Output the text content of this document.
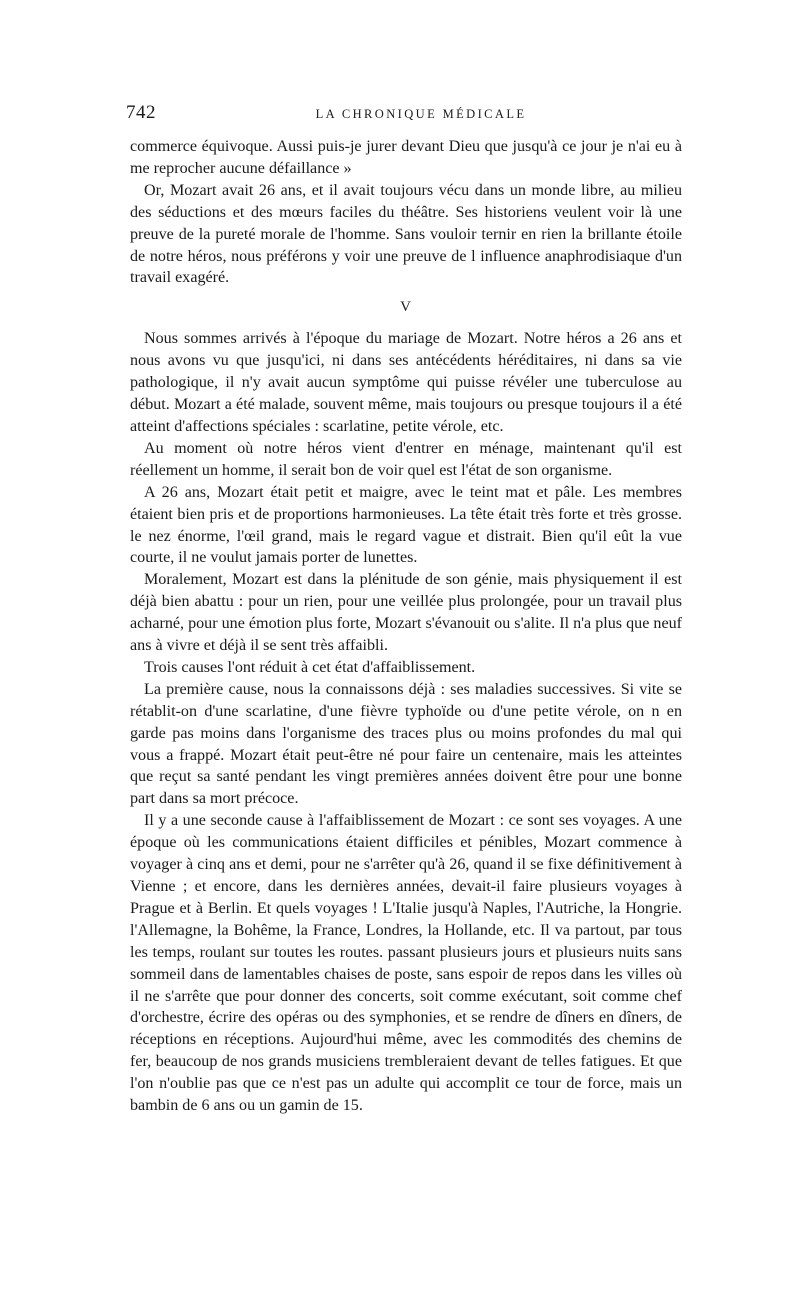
742	LA CHRONIQUE MÉDICALE

commerce équivoque. Aussi puis-je jurer devant Dieu que jusqu'à ce jour je n'ai eu à me reprocher aucune défaillance »

Or, Mozart avait 26 ans, et il avait toujours vécu dans un monde libre, au milieu des séductions et des mœurs faciles du théâtre. Ses historiens veulent voir là une preuve de la pureté morale de l'homme. Sans vouloir ternir en rien la brillante étoile de notre héros, nous préférons y voir une preuve de l influence anaphrodisiaque d'un travail exagéré.

V

Nous sommes arrivés à l'époque du mariage de Mozart. Notre héros a 26 ans et nous avons vu que jusqu'ici, ni dans ses antécédents héréditaires, ni dans sa vie pathologique, il n'y avait aucun symptôme qui puisse révéler une tuberculose au début. Mozart a été malade, souvent même, mais toujours ou presque toujours il a été atteint d'affections spéciales : scarlatine, petite vérole, etc.

Au moment où notre héros vient d'entrer en ménage, maintenant qu'il est réellement un homme, il serait bon de voir quel est l'état de son organisme.

A 26 ans, Mozart était petit et maigre, avec le teint mat et pâle. Les membres étaient bien pris et de proportions harmonieuses. La tête était très forte et très grosse. le nez énorme, l'œil grand, mais le regard vague et distrait. Bien qu'il eût la vue courte, il ne voulut jamais porter de lunettes.

Moralement, Mozart est dans la plénitude de son génie, mais physiquement il est déjà bien abattu : pour un rien, pour une veillée plus prolongée, pour un travail plus acharné, pour une émotion plus forte, Mozart s'évanouit ou s'alite. Il n'a plus que neuf ans à vivre et déjà il se sent très affaibli.

Trois causes l'ont réduit à cet état d'affaiblissement.

La première cause, nous la connaissons déjà : ses maladies successives. Si vite se rétablit-on d'une scarlatine, d'une fièvre typhoïde ou d'une petite vérole, on n en garde pas moins dans l'organisme des traces plus ou moins profondes du mal qui vous a frappé. Mozart était peut-être né pour faire un centenaire, mais les atteintes que reçut sa santé pendant les vingt premières années doivent être pour une bonne part dans sa mort précoce.

Il y a une seconde cause à l'affaiblissement de Mozart : ce sont ses voyages. A une époque où les communications étaient difficiles et pénibles, Mozart commence à voyager à cinq ans et demi, pour ne s'arrêter qu'à 26, quand il se fixe définitivement à Vienne ; et encore, dans les dernières années, devait-il faire plusieurs voyages à Prague et à Berlin. Et quels voyages ! L'Italie jusqu'à Naples, l'Autriche, la Hongrie. l'Allemagne, la Bohême, la France, Londres, la Hollande, etc. Il va partout, par tous les temps, roulant sur toutes les routes. passant plusieurs jours et plusieurs nuits sans sommeil dans de lamentables chaises de poste, sans espoir de repos dans les villes où il ne s'arrête que pour donner des concerts, soit comme exécutant, soit comme chef d'orchestre, écrire des opéras ou des symphonies, et se rendre de dîners en dîners, de réceptions en réceptions. Aujourd'hui même, avec les commodités des chemins de fer, beaucoup de nos grands musiciens trembleraient devant de telles fatigues. Et que l'on n'oublie pas que ce n'est pas un adulte qui accomplit ce tour de force, mais un bambin de 6 ans ou un gamin de 15.
